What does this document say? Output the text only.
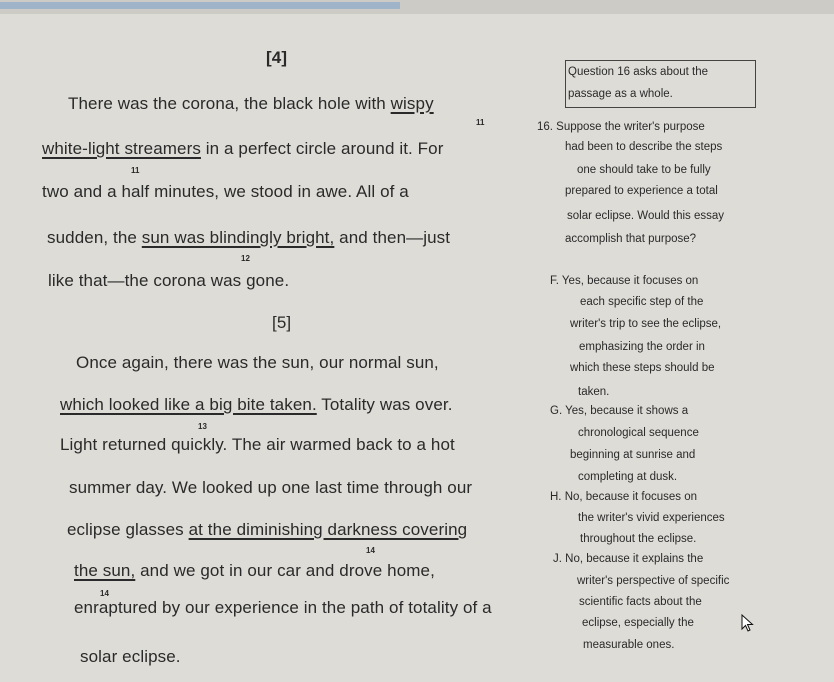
[4]
There was the corona, the black hole with wispy
11
white-light streamers in a perfect circle around it. For
11
two and a half minutes, we stood in awe. All of a
sudden, the sun was blindingly bright, and then—just
12
like that—the corona was gone.
[5]
Once again, there was the sun, our normal sun,
which looked like a big bite taken. Totality was over.
13
Light returned quickly. The air warmed back to a hot
summer day. We looked up one last time through our
eclipse glasses at the diminishing darkness covering
14
the sun, and we got in our car and drove home,
14
enraptured by our experience in the path of totality of a
solar eclipse.
Question 16 asks about the
passage as a whole.
16. Suppose the writer's purpose
had been to describe the steps
one should take to be fully
prepared to experience a total
solar eclipse. Would this essay
accomplish that purpose?
F. Yes, because it focuses on
each specific step of the
writer's trip to see the eclipse,
emphasizing the order in
which these steps should be
taken.
G. Yes, because it shows a
chronological sequence
beginning at sunrise and
completing at dusk.
H. No, because it focuses on
the writer's vivid experiences
throughout the eclipse.
J. No, because it explains the
writer's perspective of specific
scientific facts about the
eclipse, especially the
measurable ones.
